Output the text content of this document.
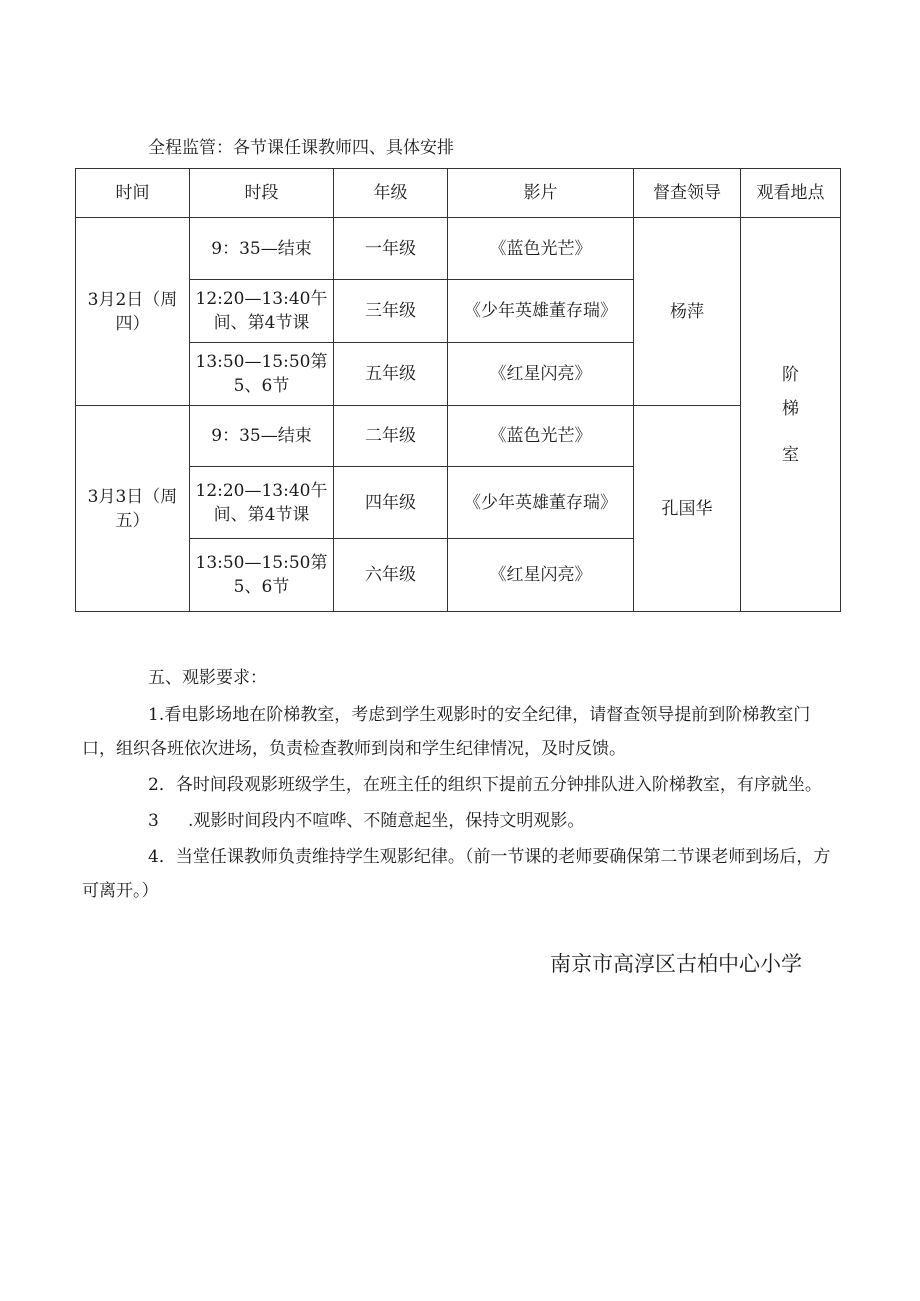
全程监管：各节课任课教师四、具体安排
时间	时段	年级	影片	督查领导	观看地点
3月2日（周四）	9：35—结束	一年级	《蓝色光芒》	杨萍	阶
梯
室

	12:20—13:40午间、第4节课	三年级	《少年英雄董存瑞》		
	13:50—15:50第5、6节	五年级	《红星闪亮》		
3月3日（周五）	9：35—结束	二年级	《蓝色光芒》	孔国华	
	12:20—13:40午间、第4节课	四年级	《少年英雄董存瑞》		
	13:50—15:50第5、6节	六年级	《红星闪亮》		
五、观影要求：
1.看电影场地在阶梯教室，考虑到学生观影时的安全纪律，请督查领导提前到阶梯教室门口，组织各班依次进场，负责检查教师到岗和学生纪律情况，及时反馈。
2．各时间段观影班级学生，在班主任的组织下提前五分钟排队进入阶梯教室，有序就坐。
3 .观影时间段内不喧哗、不随意起坐，保持文明观影。
4．当堂任课教师负责维持学生观影纪律。（前一节课的老师要确保第二节课老师到场后，方可离开。）
南京市高淳区古柏中心小学
